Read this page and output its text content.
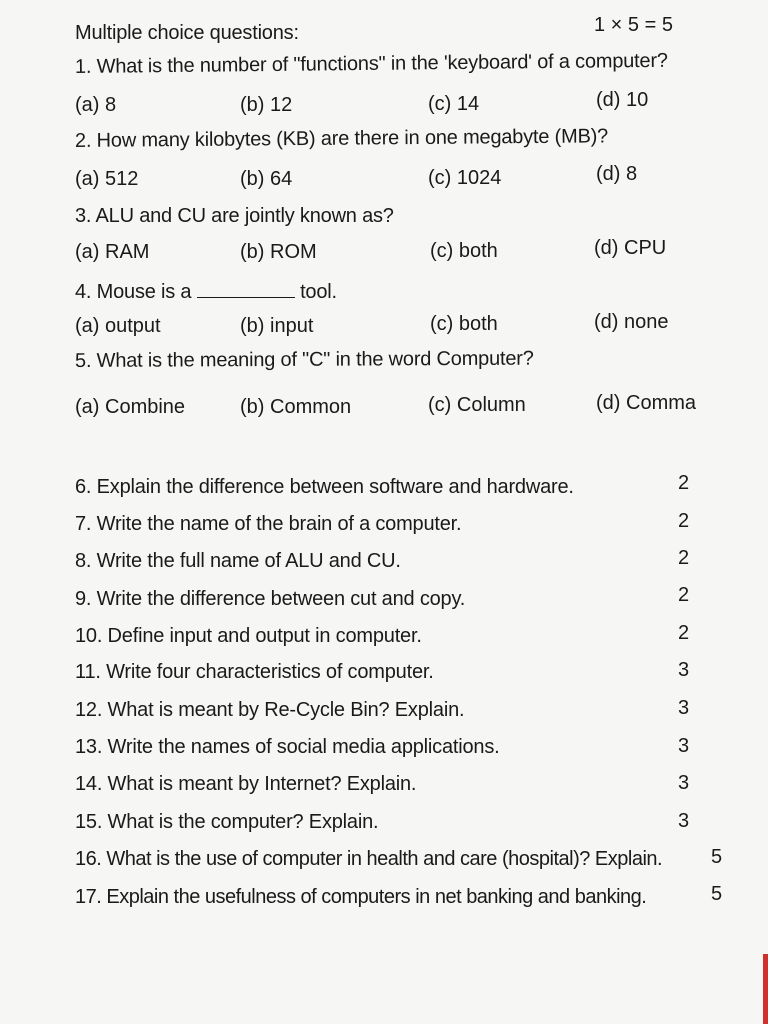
Multiple choice questions:	1 × 5 = 5
1. What is the number of "functions" in the 'keyboard' of a computer?
(a) 8	(b) 12	(c) 14	(d) 10
2. How many kilobytes (KB) are there in one megabyte (MB)?
(a) 512	(b) 64	(c) 1024	(d) 8
3. ALU and CU are jointly known as?
(a) RAM	(b) ROM	(c) both	(d) CPU
4. Mouse is a	tool.
(a) output	(b) input	(c) both	(d) none
5. What is the meaning of "C" in the word Computer?
(a) Combine	(b) Common	(c) Column	(d) Comma
6. Explain the difference between software and hardware.	2
7. Write the name of the brain of a computer.	2
8. Write the full name of ALU and CU.	2
9. Write the difference between cut and copy.	2
10. Define input and output in computer.	2
11. Write four characteristics of computer.	3
12. What is meant by Re-Cycle Bin? Explain.	3
13. Write the names of social media applications.	3
14. What is meant by Internet? Explain.	3
15. What is the computer? Explain.	3
16. What is the use of computer in health and care (hospital)? Explain. 5
17. Explain the usefulness of computers in net banking and banking.	5
